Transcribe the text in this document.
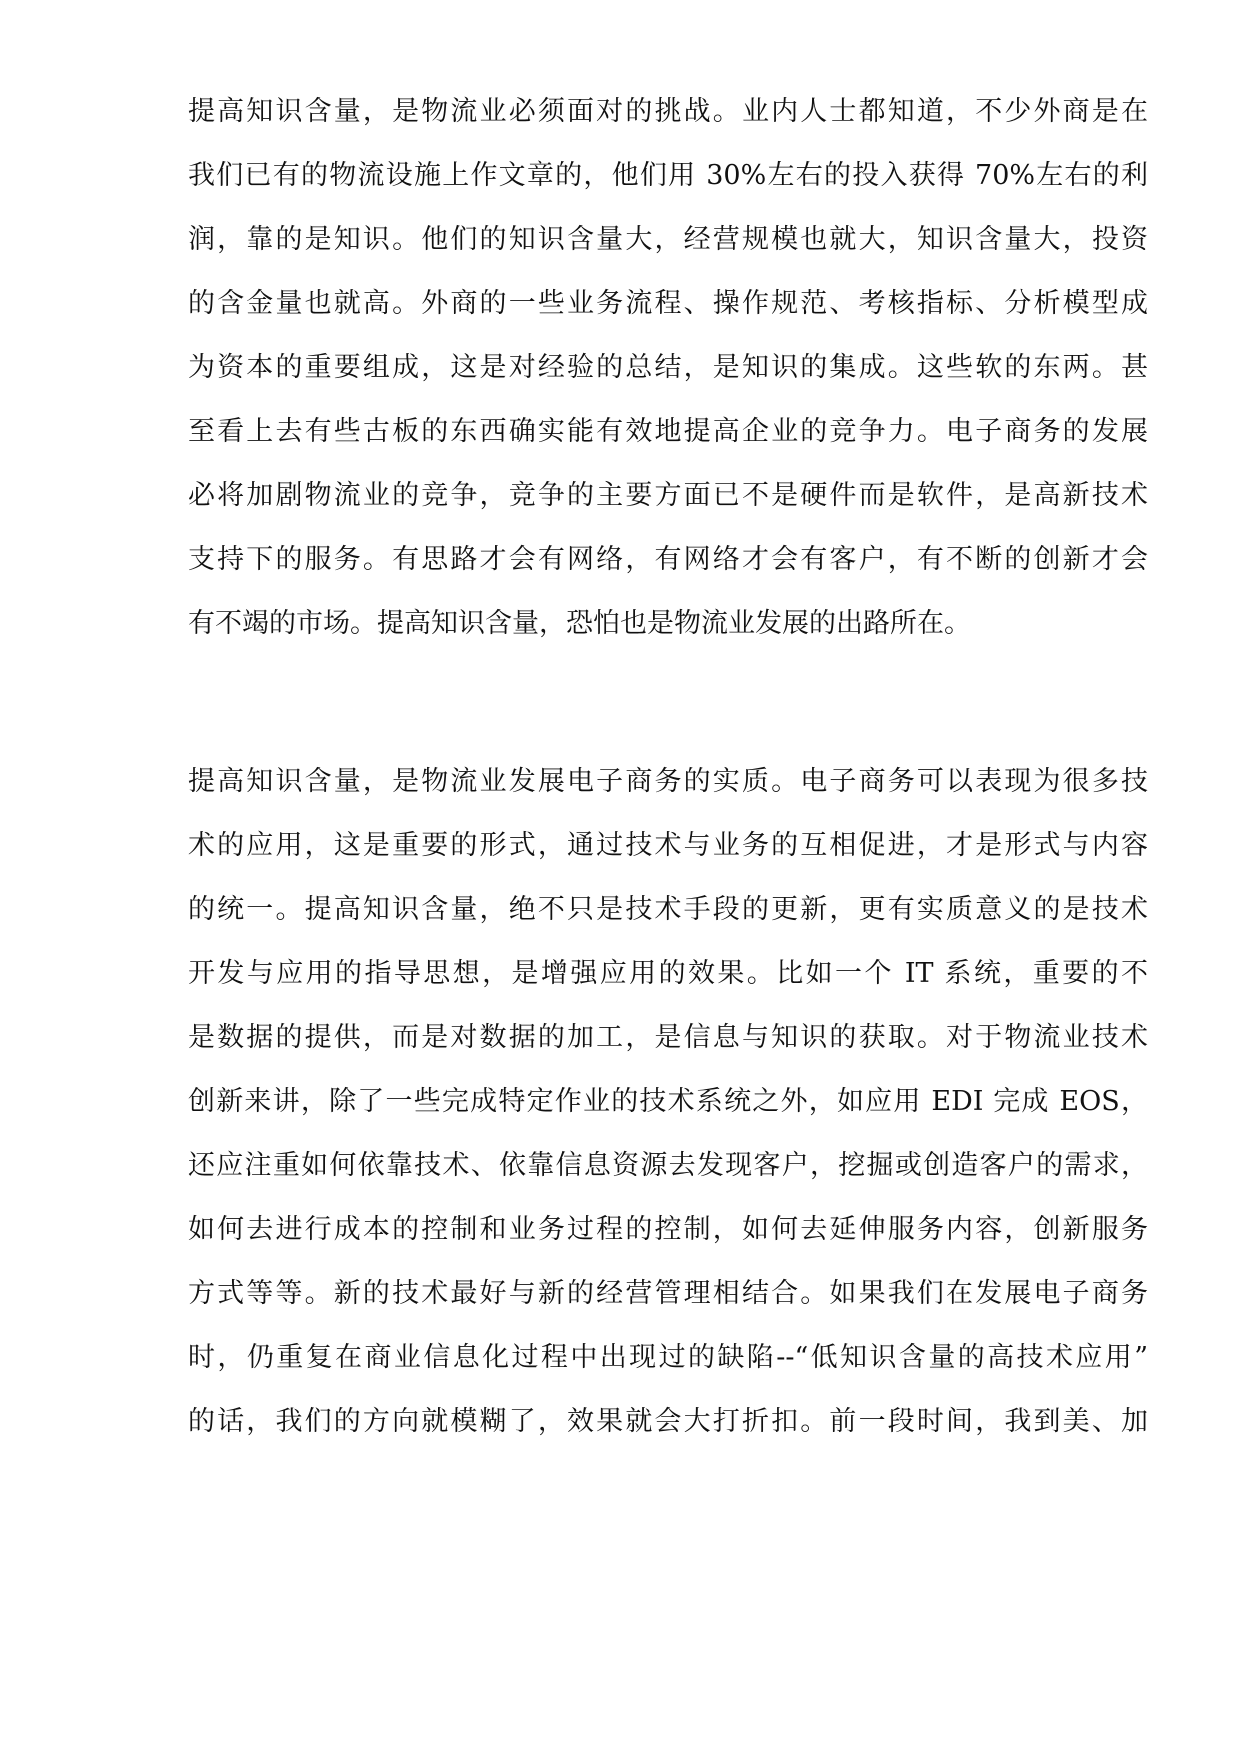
提高知识含量，是物流业必须面对的挑战。业内人士都知道，不少外商是在
我们已有的物流设施上作文章的，他们用 30%左右的投入获得 70%左右的利
润，靠的是知识。他们的知识含量大，经营规模也就大，知识含量大，投资
的含金量也就高。外商的一些业务流程、操作规范、考核指标、分析模型成
为资本的重要组成，这是对经验的总结，是知识的集成。这些软的东两。甚
至看上去有些古板的东西确实能有效地提高企业的竞争力。电子商务的发展
必将加剧物流业的竞争，竞争的主要方面已不是硬件而是软件，是高新技术
支持下的服务。有思路才会有网络，有网络才会有客户，有不断的创新才会
有不竭的市场。提高知识含量，恐怕也是物流业发展的出路所在。
提高知识含量，是物流业发展电子商务的实质。电子商务可以表现为很多技
术的应用，这是重要的形式，通过技术与业务的互相促进，才是形式与内容
的统一。提高知识含量，绝不只是技术手段的更新，更有实质意义的是技术
开发与应用的指导思想，是增强应用的效果。比如一个 IT 系统，重要的不
是数据的提供，而是对数据的加工，是信息与知识的获取。对于物流业技术
创新来讲，除了一些完成特定作业的技术系统之外，如应用 EDI 完成 EOS，
还应注重如何依靠技术、依靠信息资源去发现客户，挖掘或创造客户的需求，
如何去进行成本的控制和业务过程的控制，如何去延伸服务内容，创新服务
方式等等。新的技术最好与新的经营管理相结合。如果我们在发展电子商务
时，仍重复在商业信息化过程中出现过的缺陷--“低知识含量的高技术应用”
的话，我们的方向就模糊了，效果就会大打折扣。前一段时间，我到美、加
